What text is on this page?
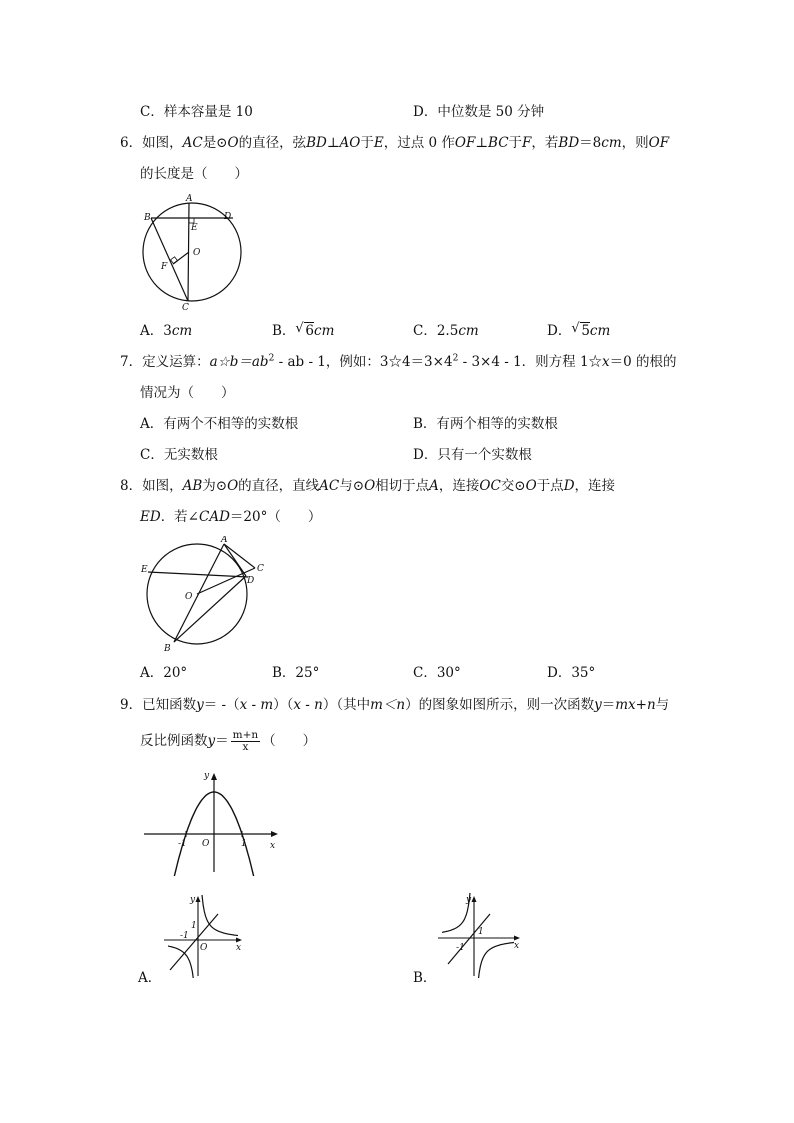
C．样本容量是 10	D．中位数是 50 分钟
6．如图，AC是⊙O的直径，弦BD⊥AO于E，过点 0 作OF⊥BC于F，若BD＝8cm，则OF
的长度是（　　）
A
B	D
E
F
O
C
A．3cm	B． √ 6cm	C．2.5cm	D． √ 5cm
7．定义运算：$a☆b=ab^2$ - ab - 1，例如：$3☆4=3\times 4^2 - 3\times 4 - 1$．则方程 1☆x＝0 的根的
情况为（　　）
A．有两个不相等的实数根	B．有两个相等的实数根
C．无实数根	D．只有一个实数根
8．如图，AB为⊙O的直径，直线AC与⊙O相切于点A，连接OC交⊙O于点D，连接
ED．若∠CAD＝20°（　　）
A
C
D
E
O
B
A．20°	B．25°	C．30°	D．35°
9．已知函数y＝ -（x - m）（x - n）（其中m＜n）的图象如图所示，则一次函数y＝mx+n与
反比例函数$y= \frac{m+n}{x}$ （　　）
y
x
O
-1	1
y
x
O
-1
1
A．
y
x
-1
1
B．
